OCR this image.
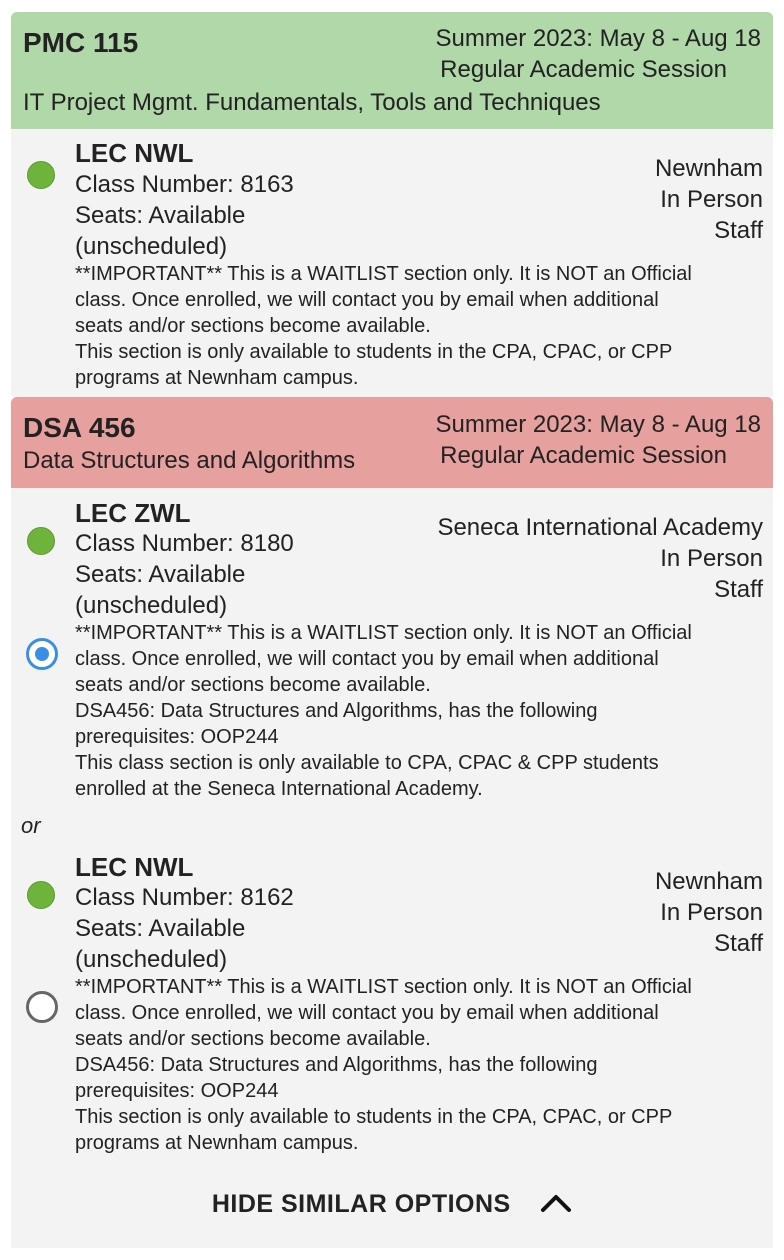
PMC 115	Summer 2023: May 8 - Aug 18
Regular Academic Session
IT Project Mgmt. Fundamentals, Tools and Techniques
LEC NWL
Class Number: 8163
Seats: Available
(unscheduled)
Newnham
In Person
Staff
**IMPORTANT** This is a WAITLIST section only. It is NOT an Official
class. Once enrolled, we will contact you by email when additional
seats and/or sections become available.
This section is only available to students in the CPA, CPAC, or CPP
programs at Newnham campus.
DSA 456	Summer 2023: May 8 - Aug 18
Regular Academic Session
Data Structures and Algorithms
LEC ZWL
Class Number: 8180
Seats: Available
(unscheduled)
Seneca International Academy
In Person
Staff
**IMPORTANT** This is a WAITLIST section only. It is NOT an Official
class. Once enrolled, we will contact you by email when additional
seats and/or sections become available.
DSA456: Data Structures and Algorithms, has the following
prerequisites: OOP244
This class section is only available to CPA, CPAC & CPP students
enrolled at the Seneca International Academy.
or
LEC NWL
Class Number: 8162
Seats: Available
(unscheduled)
Newnham
In Person
Staff
**IMPORTANT** This is a WAITLIST section only. It is NOT an Official
class. Once enrolled, we will contact you by email when additional
seats and/or sections become available.
DSA456: Data Structures and Algorithms, has the following
prerequisites: OOP244
This section is only available to students in the CPA, CPAC, or CPP
programs at Newnham campus.
HIDE SIMILAR OPTIONS
